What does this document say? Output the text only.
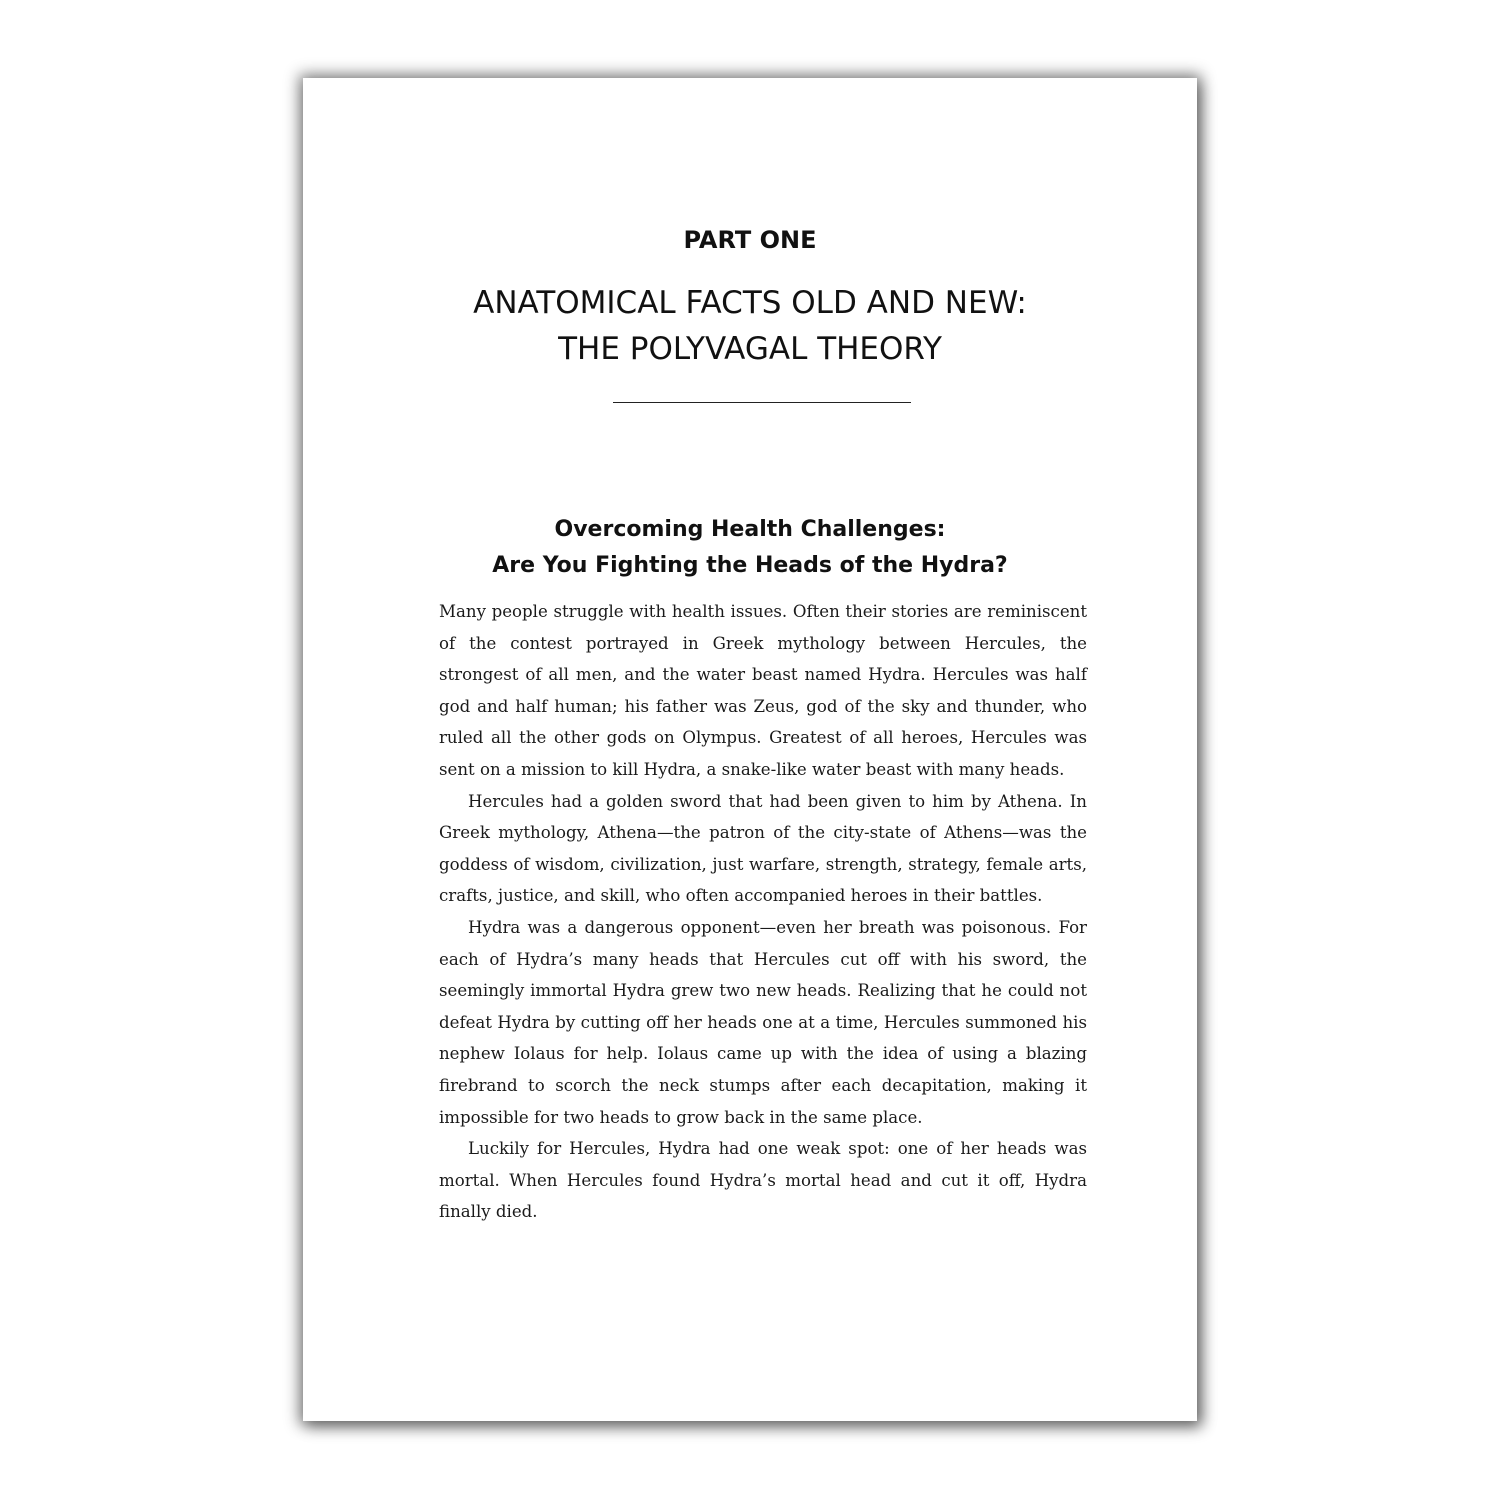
PART ONE
ANATOMICAL FACTS OLD AND NEW:
THE POLYVAGAL THEORY
Overcoming Health Challenges:
Are You Fighting the Heads of the Hydra?

Many people struggle with health issues. Often their stories are reminiscent of the contest portrayed in Greek mythology between Hercules, the strongest of all men, and the water beast named Hydra. Hercules was half god and half human; his father was Zeus, god of the sky and thunder, who ruled all the other gods on Olympus. Greatest of all heroes, Hercules was sent on a mission to kill Hydra, a snake-like water beast with many heads.

Hercules had a golden sword that had been given to him by Athena. In Greek mythology, Athena—the patron of the city-state of Athens—was the goddess of wisdom, civilization, just warfare, strength, strategy, female arts, crafts, justice, and skill, who often accompanied heroes in their battles.

Hydra was a dangerous opponent—even her breath was poisonous. For each of Hydra’s many heads that Hercules cut off with his sword, the seemingly immortal Hydra grew two new heads. Realizing that he could not defeat Hydra by cutting off her heads one at a time, Hercules summoned his nephew Iolaus for help. Iolaus came up with the idea of using a blazing firebrand to scorch the neck stumps after each decapitation, making it impossible for two heads to grow back in the same place.

Luckily for Hercules, Hydra had one weak spot: one of her heads was mortal. When Hercules found Hydra’s mortal head and cut it off, Hydra finally died.
